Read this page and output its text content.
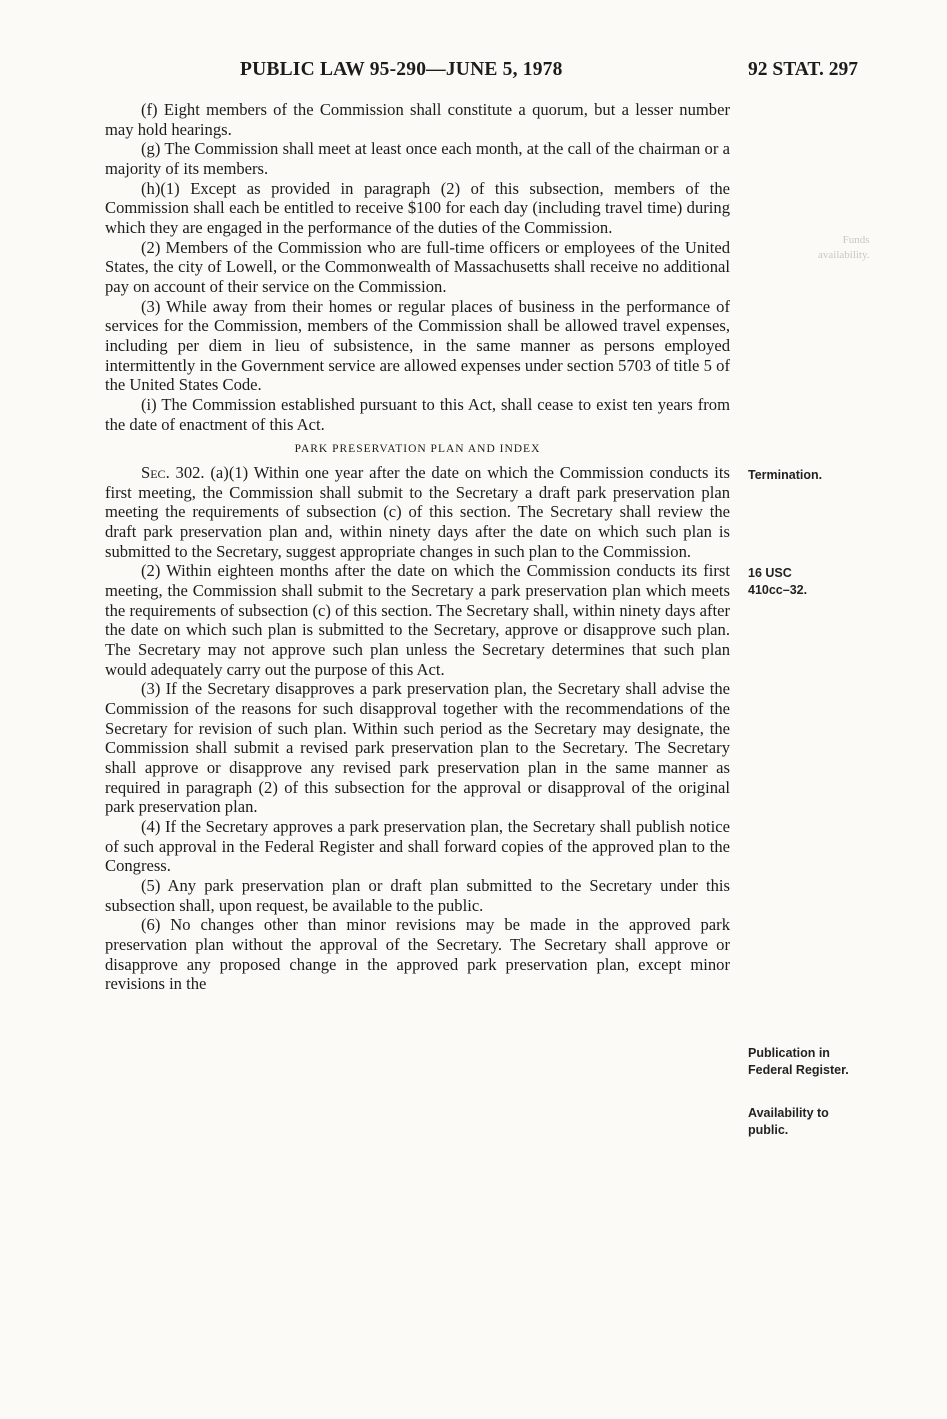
PUBLIC LAW 95-290—JUNE 5, 1978	92 STAT. 297
Funds
availability.

(f) Eight members of the Commission shall constitute a quorum, but a lesser number may hold hearings.

(g) The Commission shall meet at least once each month, at the call of the chairman or a majority of its members.

(h)(1) Except as provided in paragraph (2) of this subsection, members of the Commission shall each be entitled to receive $100 for each day (including travel time) during which they are engaged in the performance of the duties of the Commission.

(2) Members of the Commission who are full-time officers or employees of the United States, the city of Lowell, or the Commonwealth of Massachusetts shall receive no additional pay on account of their service on the Commission.

(3) While away from their homes or regular places of business in the performance of services for the Commission, members of the Commission shall be allowed travel expenses, including per diem in lieu of subsistence, in the same manner as persons employed intermittently in the Government service are allowed expenses under section 5703 of title 5 of the United States Code.

(i) The Commission established pursuant to this Act, shall cease to exist ten years from the date of enactment of this Act.

PARK PRESERVATION PLAN AND INDEX

Sec. 302. (a)(1) Within one year after the date on which the Commission conducts its first meeting, the Commission shall submit to the Secretary a draft park preservation plan meeting the requirements of subsection (c) of this section. The Secretary shall review the draft park preservation plan and, within ninety days after the date on which such plan is submitted to the Secretary, suggest appropriate changes in such plan to the Commission.

(2) Within eighteen months after the date on which the Commission conducts its first meeting, the Commission shall submit to the Secretary a park preservation plan which meets the requirements of subsection (c) of this section. The Secretary shall, within ninety days after the date on which such plan is submitted to the Secretary, approve or disapprove such plan. The Secretary may not approve such plan unless the Secretary determines that such plan would adequately carry out the purpose of this Act.

(3) If the Secretary disapproves a park preservation plan, the Secretary shall advise the Commission of the reasons for such disapproval together with the recommendations of the Secretary for revision of such plan. Within such period as the Secretary may designate, the Commission shall submit a revised park preservation plan to the Secretary. The Secretary shall approve or disapprove any revised park preservation plan in the same manner as required in paragraph (2) of this subsection for the approval or disapproval of the original park preservation plan.

(4) If the Secretary approves a park preservation plan, the Secretary shall publish notice of such approval in the Federal Register and shall forward copies of the approved plan to the Congress.

(5) Any park preservation plan or draft plan submitted to the Secretary under this subsection shall, upon request, be available to the public.

(6) No changes other than minor revisions may be made in the approved park preservation plan without the approval of the Secretary. The Secretary shall approve or disapprove any proposed change in the approved park preservation plan, except minor revisions in the

Termination.
16 USC
410cc–32.
Publication in
Federal Register.
Availability to
public.
